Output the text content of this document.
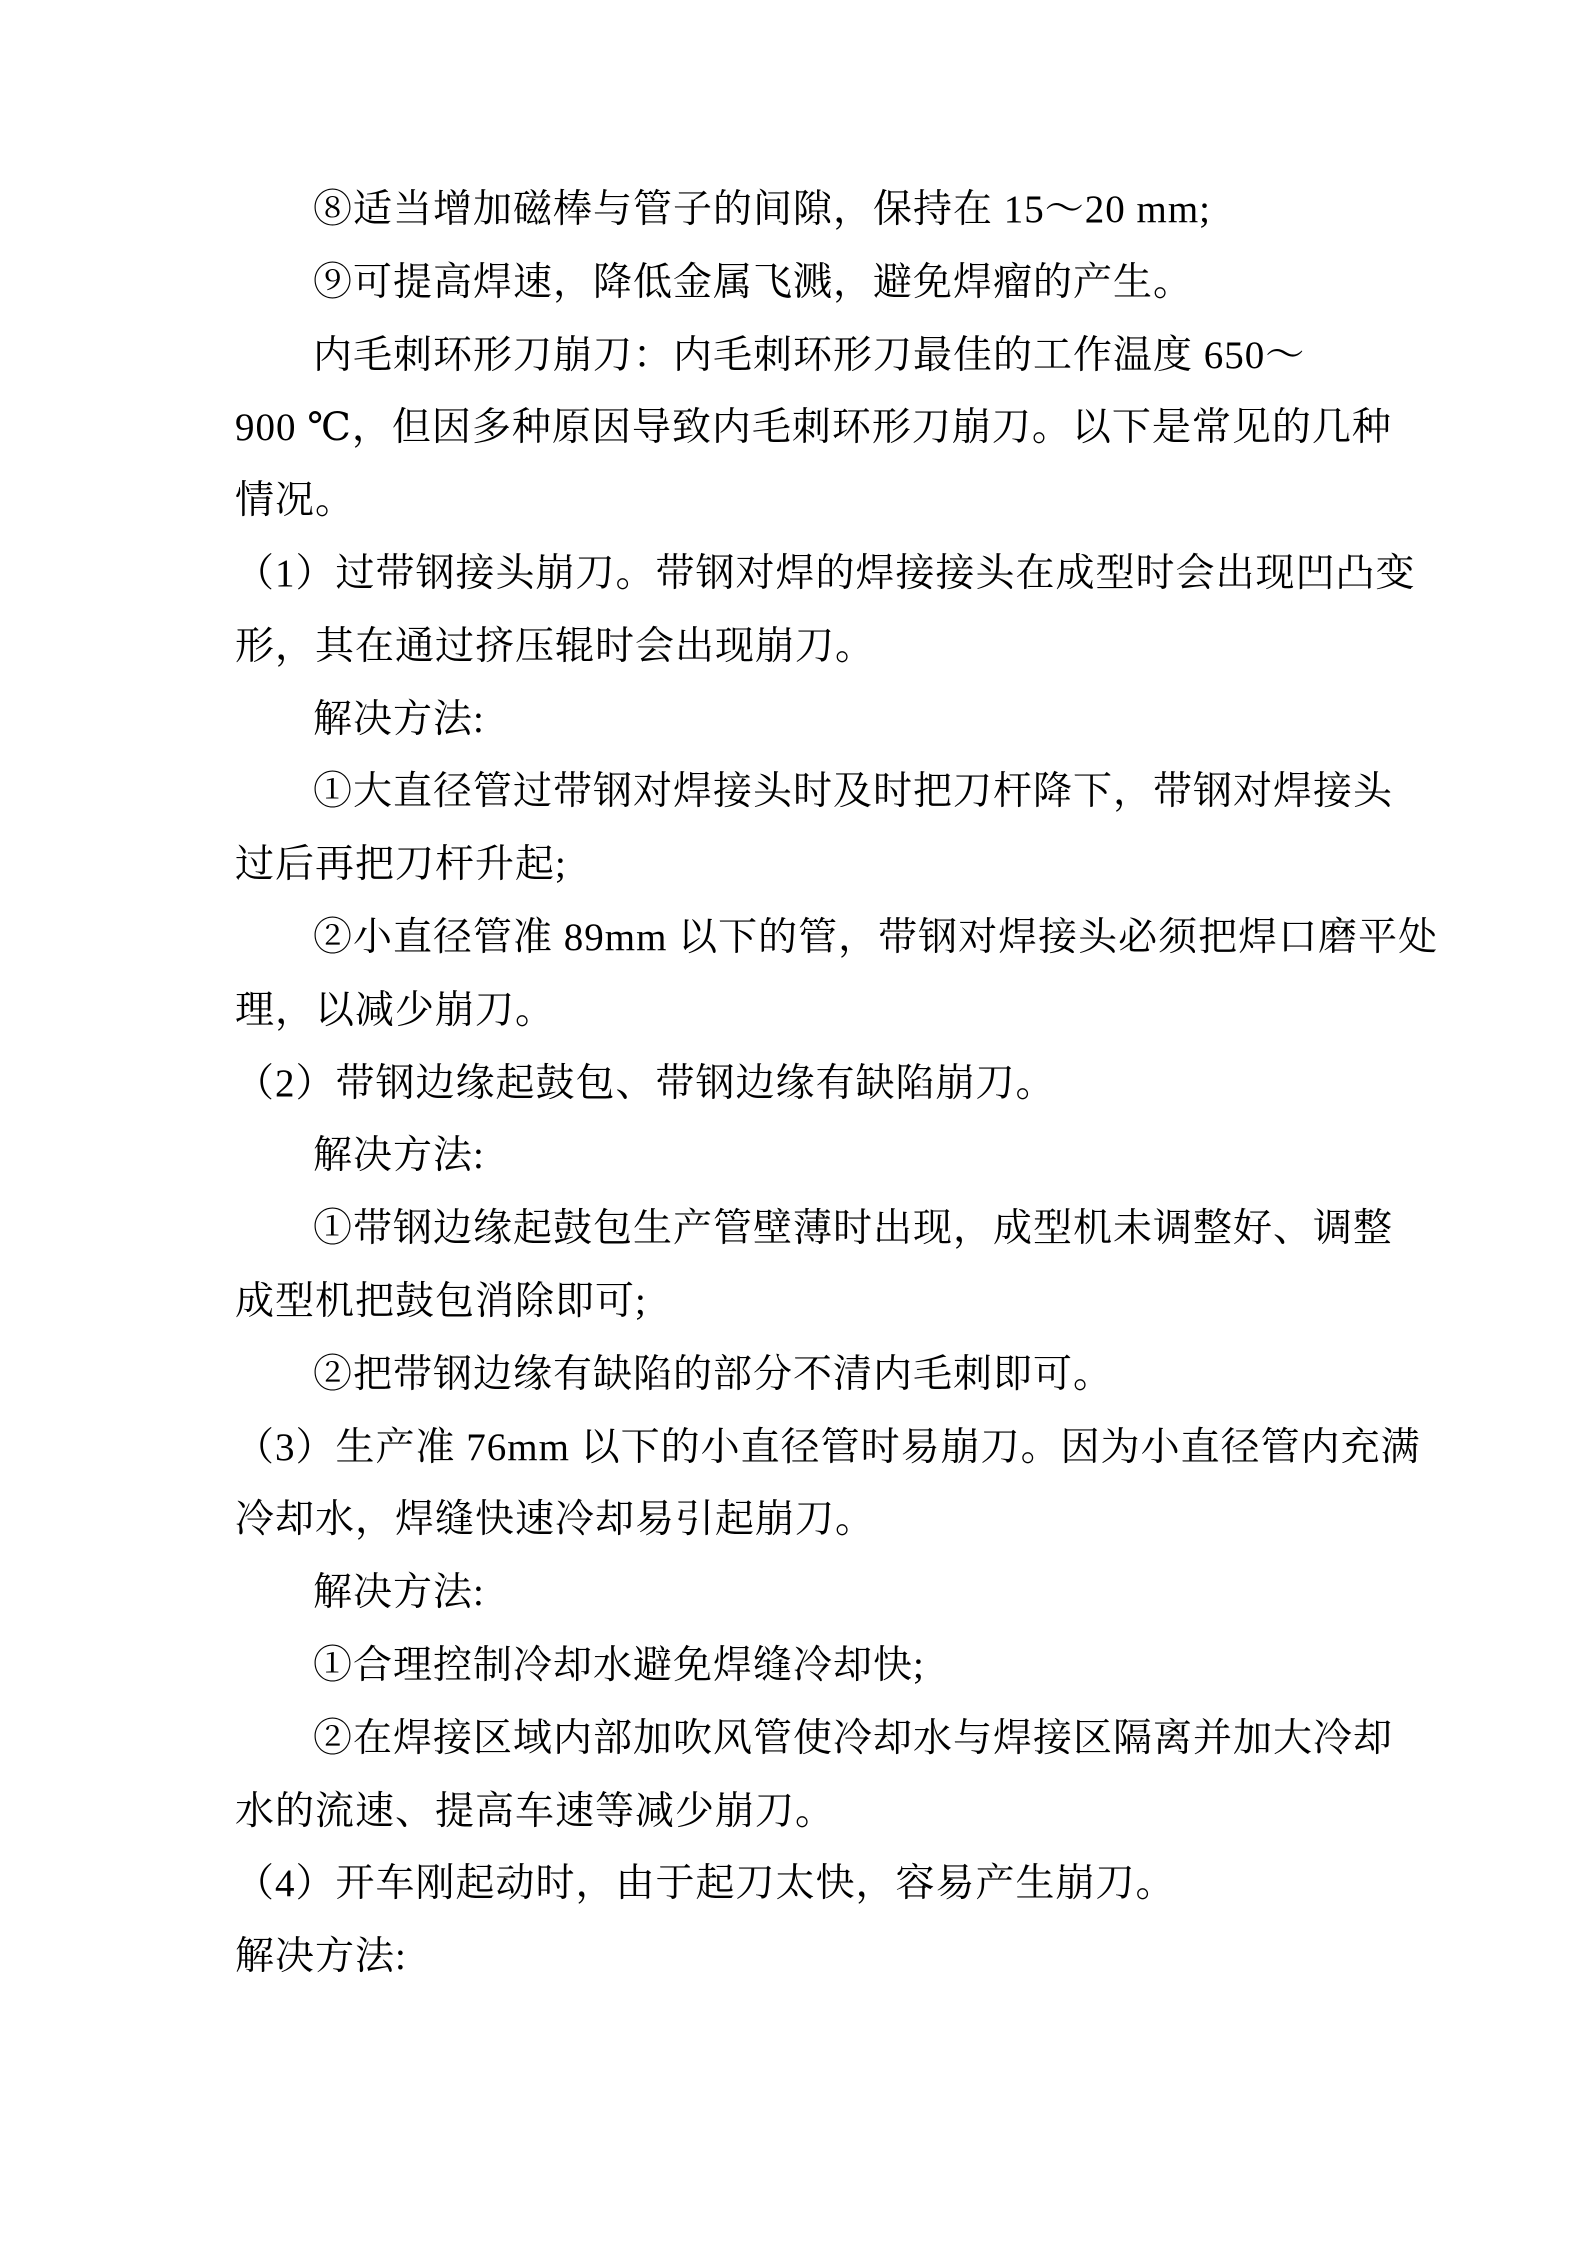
⑧适当增加磁棒与管子的间隙，保持在 15～20 mm;
⑨可提高焊速，降低金属飞溅，避免焊瘤的产生。
内毛刺环形刀崩刀：内毛刺环形刀最佳的工作温度 650～
900 ℃，但因多种原因导致内毛刺环形刀崩刀。以下是常见的几种
情况。
（1）过带钢接头崩刀。带钢对焊的焊接接头在成型时会出现凹凸变
形，其在通过挤压辊时会出现崩刀。
解决方法:
①大直径管过带钢对焊接头时及时把刀杆降下，带钢对焊接头
过后再把刀杆升起;
②小直径管准 89mm 以下的管，带钢对焊接头必须把焊口磨平处
理，以减少崩刀。
（2）带钢边缘起鼓包、带钢边缘有缺陷崩刀。
解决方法:
①带钢边缘起鼓包生产管壁薄时出现，成型机未调整好、调整
成型机把鼓包消除即可;
②把带钢边缘有缺陷的部分不清内毛刺即可。
（3）生产准 76mm 以下的小直径管时易崩刀。因为小直径管内充满
冷却水，焊缝快速冷却易引起崩刀。
解决方法:
①合理控制冷却水避免焊缝冷却快;
②在焊接区域内部加吹风管使冷却水与焊接区隔离并加大冷却
水的流速、提高车速等减少崩刀。
（4）开车刚起动时，由于起刀太快，容易产生崩刀。
解决方法:
